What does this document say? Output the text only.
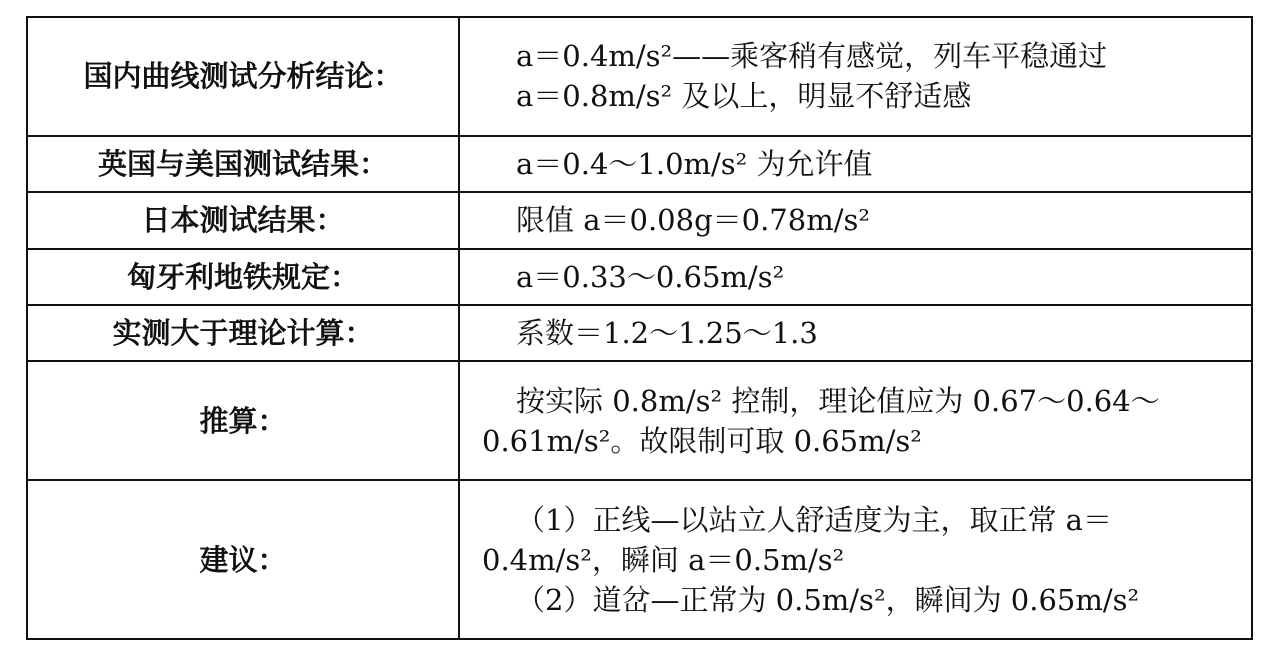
国内曲线测试分析结论：	a＝0.4m/s²——乘客稍有感觉，列车平稳通过
a＝0.8m/s² 及以上，明显不舒适感

英国与美国测试结果：	a＝0.4～1.0m/s² 为允许值

日本测试结果：	限值 a＝0.08g＝0.78m/s²

匈牙利地铁规定：	a＝0.33～0.65m/s²

实测大于理论计算：	系数＝1.2～1.25～1.3

推算：	按实际 0.8m/s² 控制，理论值应为 0.67～0.64～
0.61m/s²。故限制可取 0.65m/s²

建议：	（1）正线—以站立人舒适度为主，取正常 a＝
0.4m/s²，瞬间 a＝0.5m/s²
（2）道岔—正常为 0.5m/s²，瞬间为 0.65m/s²
